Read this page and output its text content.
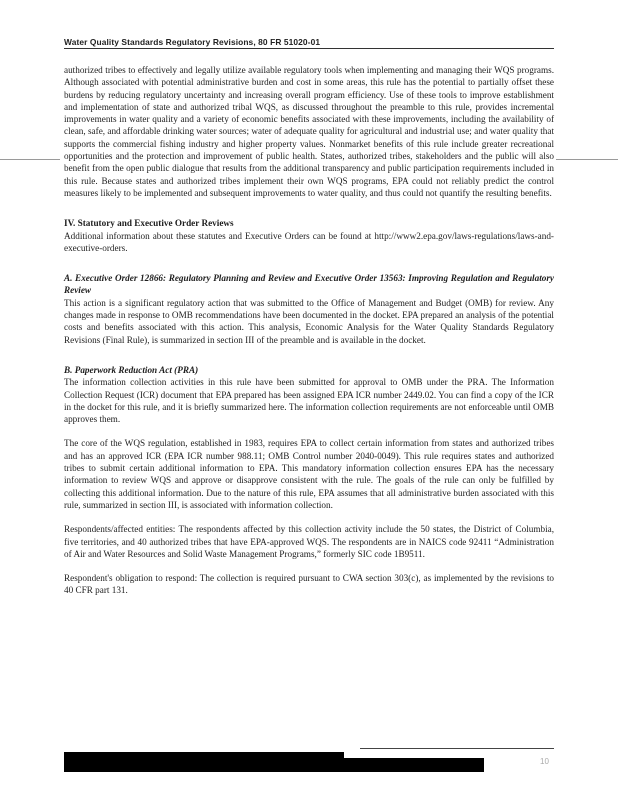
Water Quality Standards Regulatory Revisions, 80 FR 51020-01

authorized tribes to effectively and legally utilize available regulatory tools when implementing and managing their WQS programs. Although associated with potential administrative burden and cost in some areas, this rule has the potential to partially offset these burdens by reducing regulatory uncertainty and increasing overall program efficiency. Use of these tools to improve establishment and implementation of state and authorized tribal WQS, as discussed throughout the preamble to this rule, provides incremental improvements in water quality and a variety of economic benefits associated with these improvements, including the availability of clean, safe, and affordable drinking water sources; water of adequate quality for agricultural and industrial use; and water quality that supports the commercial fishing industry and higher property values. Nonmarket benefits of this rule include greater recreational opportunities and the protection and improvement of public health. States, authorized tribes, stakeholders and the public will also benefit from the open public dialogue that results from the additional transparency and public participation requirements included in this rule. Because states and authorized tribes implement their own WQS programs, EPA could not reliably predict the control measures likely to be implemented and subsequent improvements to water quality, and thus could not quantify the resulting benefits.

IV. Statutory and Executive Order Reviews

Additional information about these statutes and Executive Orders can be found at http://www2.epa.gov/laws-regulations/laws-and-executive-orders.

A. Executive Order 12866: Regulatory Planning and Review and Executive Order 13563: Improving Regulation and Regulatory Review

This action is a significant regulatory action that was submitted to the Office of Management and Budget (OMB) for review. Any changes made in response to OMB recommendations have been documented in the docket. EPA prepared an analysis of the potential costs and benefits associated with this action. This analysis, Economic Analysis for the Water Quality Standards Regulatory Revisions (Final Rule), is summarized in section III of the preamble and is available in the docket.

B. Paperwork Reduction Act (PRA)

The information collection activities in this rule have been submitted for approval to OMB under the PRA. The Information Collection Request (ICR) document that EPA prepared has been assigned EPA ICR number 2449.02. You can find a copy of the ICR in the docket for this rule, and it is briefly summarized here. The information collection requirements are not enforceable until OMB approves them.

The core of the WQS regulation, established in 1983, requires EPA to collect certain information from states and authorized tribes and has an approved ICR (EPA ICR number 988.11; OMB Control number 2040-0049). This rule requires states and authorized tribes to submit certain additional information to EPA. This mandatory information collection ensures EPA has the necessary information to review WQS and approve or disapprove consistent with the rule. The goals of the rule can only be fulfilled by collecting this additional information. Due to the nature of this rule, EPA assumes that all administrative burden associated with this rule, summarized in section III, is associated with information collection.

Respondents/affected entities: The respondents affected by this collection activity include the 50 states, the District of Columbia, five territories, and 40 authorized tribes that have EPA-approved WQS. The respondents are in NAICS code 92411 “Administration of Air and Water Resources and Solid Waste Management Programs,” formerly SIC code 1B9511.

Respondent's obligation to respond: The collection is required pursuant to CWA section 303(c), as implemented by the revisions to 40 CFR part 131.

10
